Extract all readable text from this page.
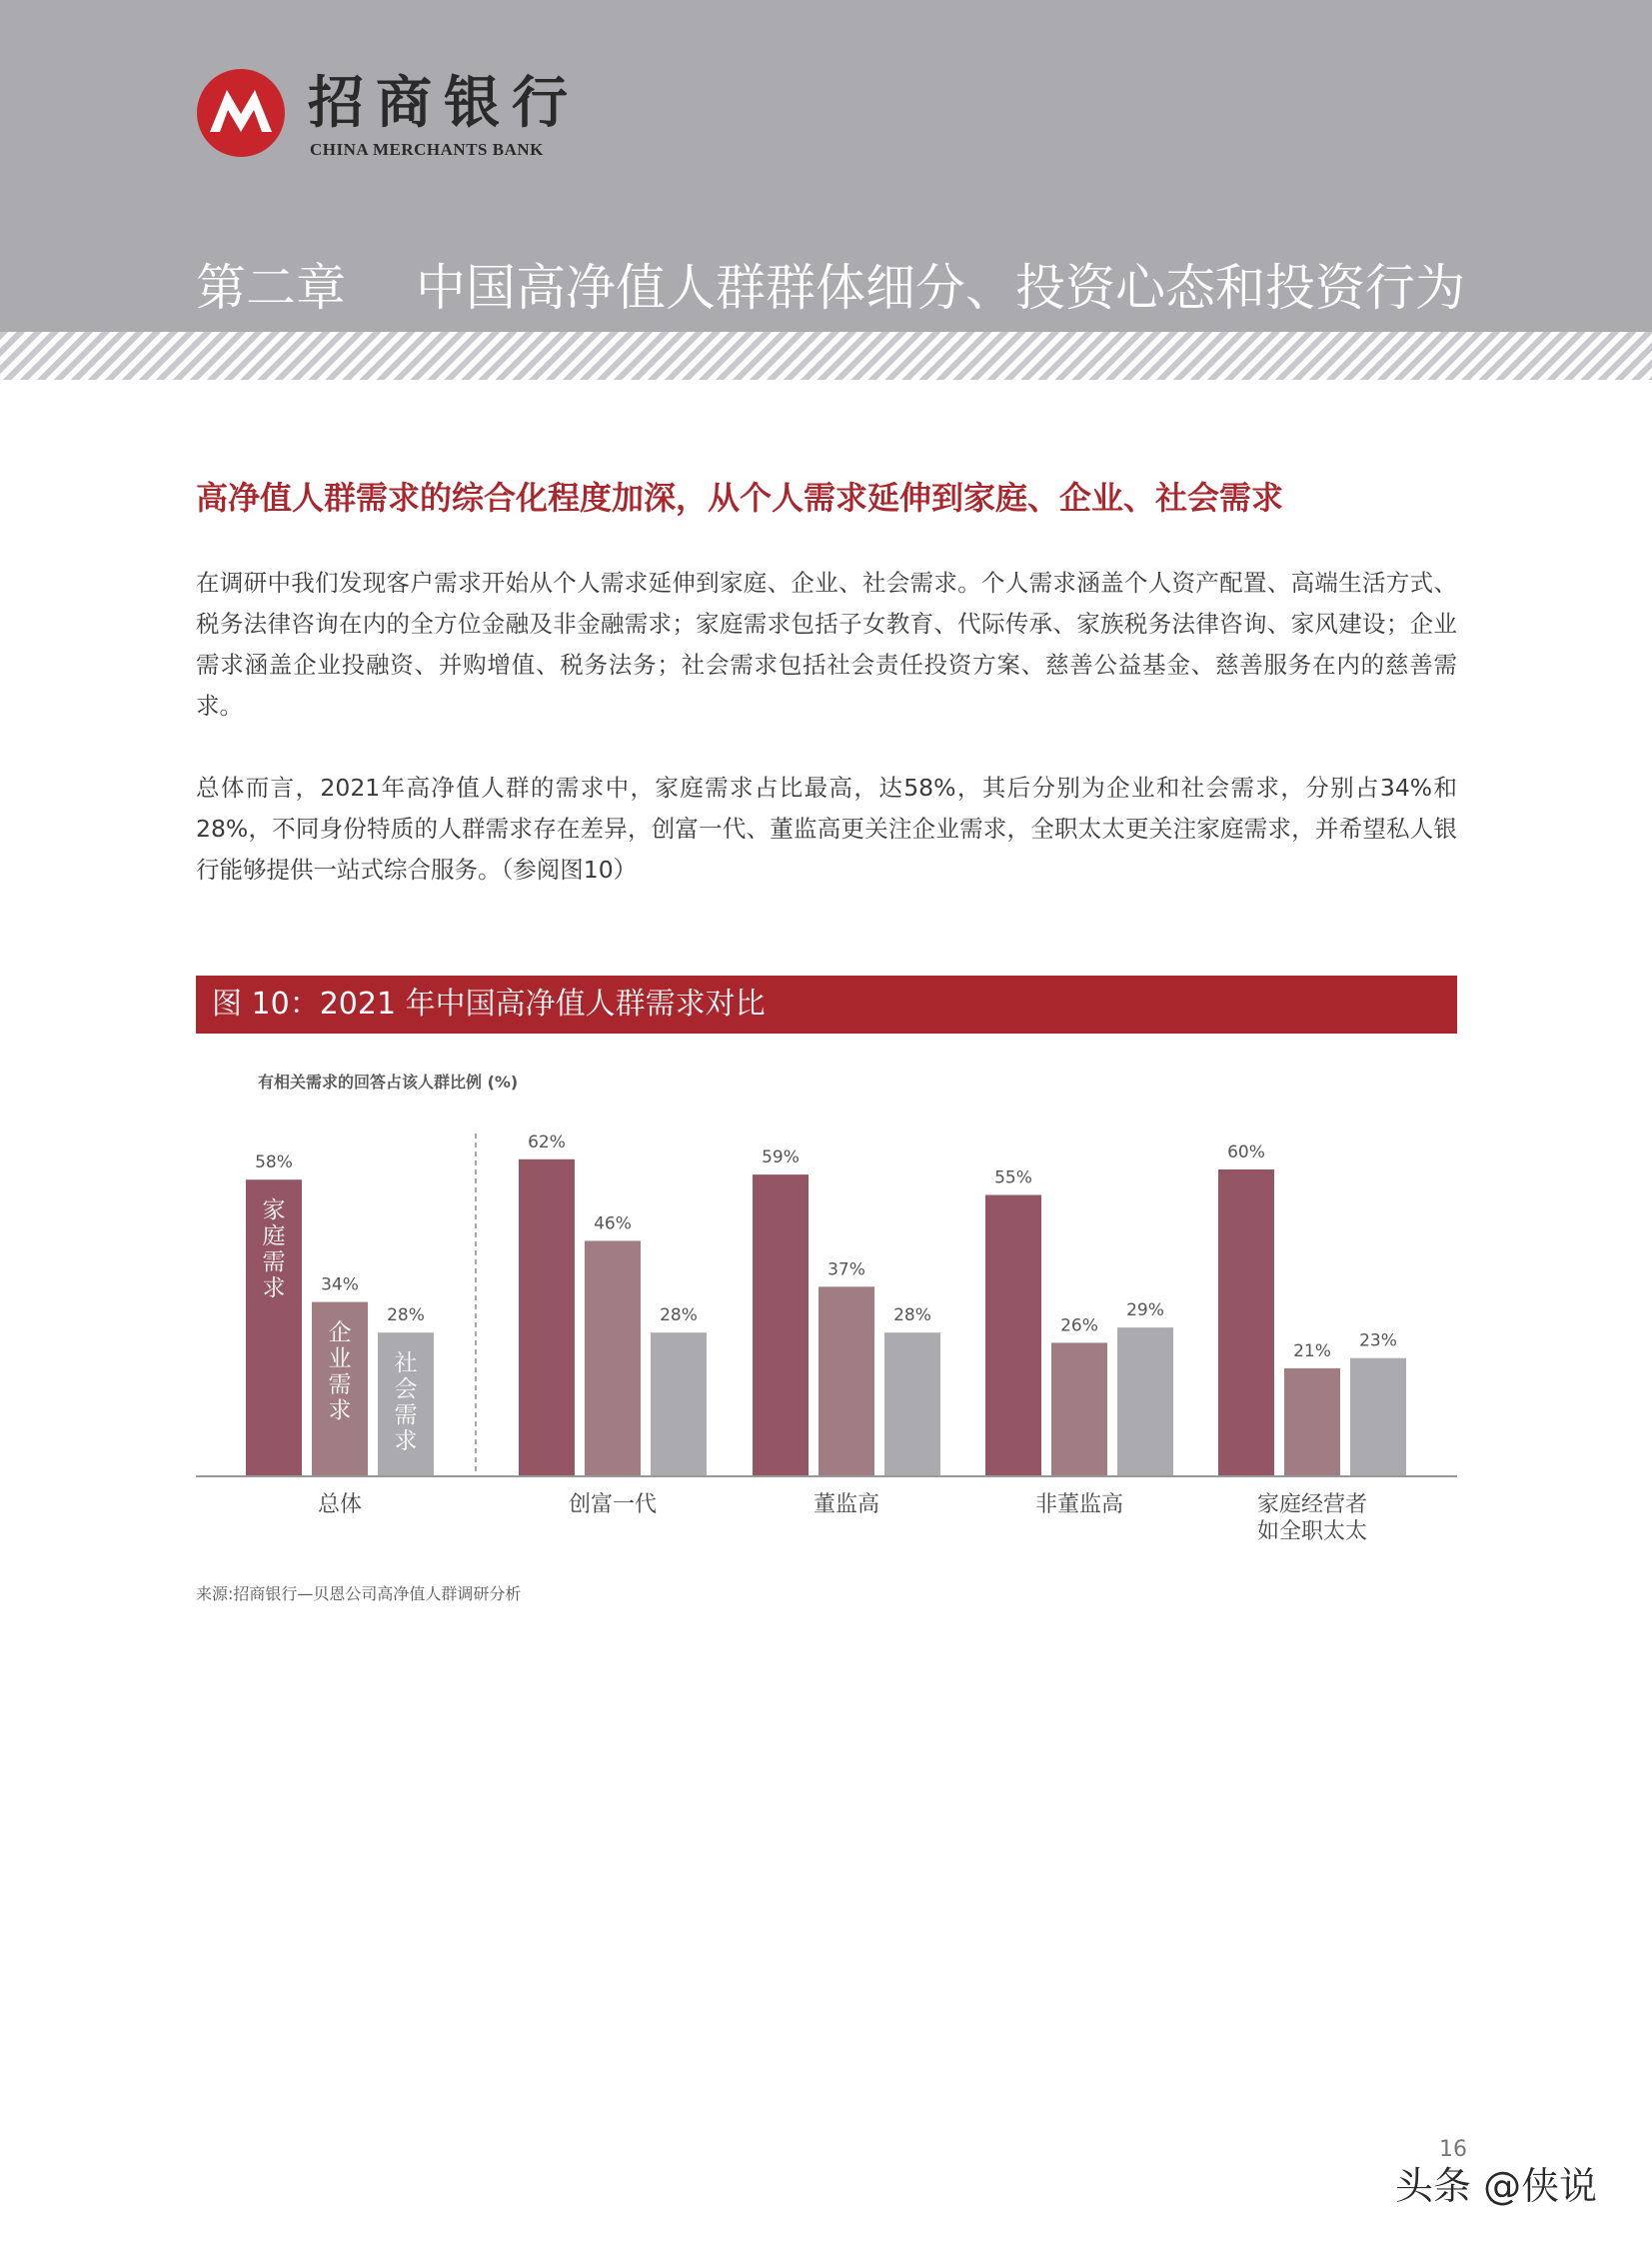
招商银行
CHINA MERCHANTS BANK
第二章 中国高净值人群群体细分、投资心态和投资行为
高净值人群需求的综合化程度加深，从个人需求延伸到家庭、企业、社会需求

在调研中我们发现客户需求开始从个人需求延伸到家庭、企业、社会需求。个人需求涵盖个人资产配置、高端生活方式、税务法律咨询在内的全方位金融及非金融需求；家庭需求包括子女教育、代际传承、家族税务法律咨询、家风建设；企业需求涵盖企业投融资、并购增值、税务法务；社会需求包括社会责任投资方案、慈善公益基金、慈善服务在内的慈善需求。

总体而言，2021年高净值人群的需求中，家庭需求占比最高，达58%，其后分别为企业和社会需求，分别占34%和28%，不同身份特质的人群需求存在差异，创富一代、董监高更关注企业需求，全职太太更关注家庭需求，并希望私人银行能够提供一站式综合服务。（参阅图10）

图 10：2021 年中国高净值人群需求对比
有相关需求的回答占该人群比例 (%)
58%
家
庭
需
求 34%
企
业
需
求
28%
社
会
需
求
总体
62%
46%
28%
创富一代
59%
37%
28%
董监高
55%
26%
29%
非董监高
60%
21%
23%
家庭经营者
如全职太太
来源:招商银行—贝恩公司高净值人群调研分析
16
头条 @侠说
